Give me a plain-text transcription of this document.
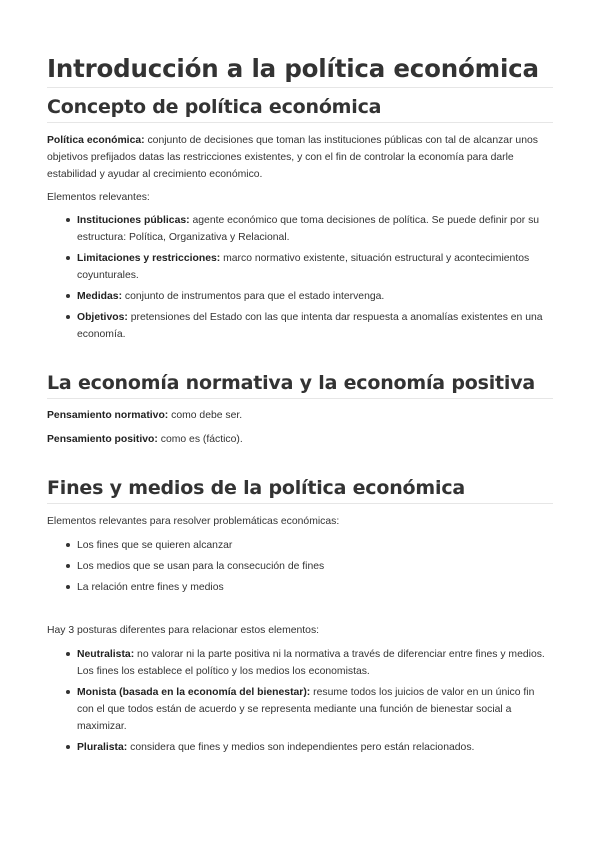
Introducción a la política económica
Concepto de política económica

Política económica: conjunto de decisiones que toman las instituciones públicas con tal de alcanzar unos objetivos prefijados datas las restricciones existentes, y con el fin de controlar la economía para darle estabilidad y ayudar al crecimiento económico.

Elementos relevantes:

Instituciones públicas: agente económico que toma decisiones de política. Se puede definir por su estructura: Política, Organizativa y Relacional.
Limitaciones y restricciones: marco normativo existente, situación estructural y acontecimientos coyunturales.
Medidas: conjunto de instrumentos para que el estado intervenga.
Objetivos: pretensiones del Estado con las que intenta dar respuesta a anomalías existentes en una economía.
La economía normativa y la economía positiva

Pensamiento normativo: como debe ser.

Pensamiento positivo: como es (fáctico).

Fines y medios de la política económica

Elementos relevantes para resolver problemáticas económicas:

Los fines que se quieren alcanzar
Los medios que se usan para la consecución de fines
La relación entre fines y medios

Hay 3 posturas diferentes para relacionar estos elementos:

Neutralista: no valorar ni la parte positiva ni la normativa a través de diferenciar entre fines y medios. Los fines los establece el político y los medios los economistas.
Monista (basada en la economía del bienestar): resume todos los juicios de valor en un único fin con el que todos están de acuerdo y se representa mediante una función de bienestar social a maximizar.
Pluralista: considera que fines y medios son independientes pero están relacionados.
